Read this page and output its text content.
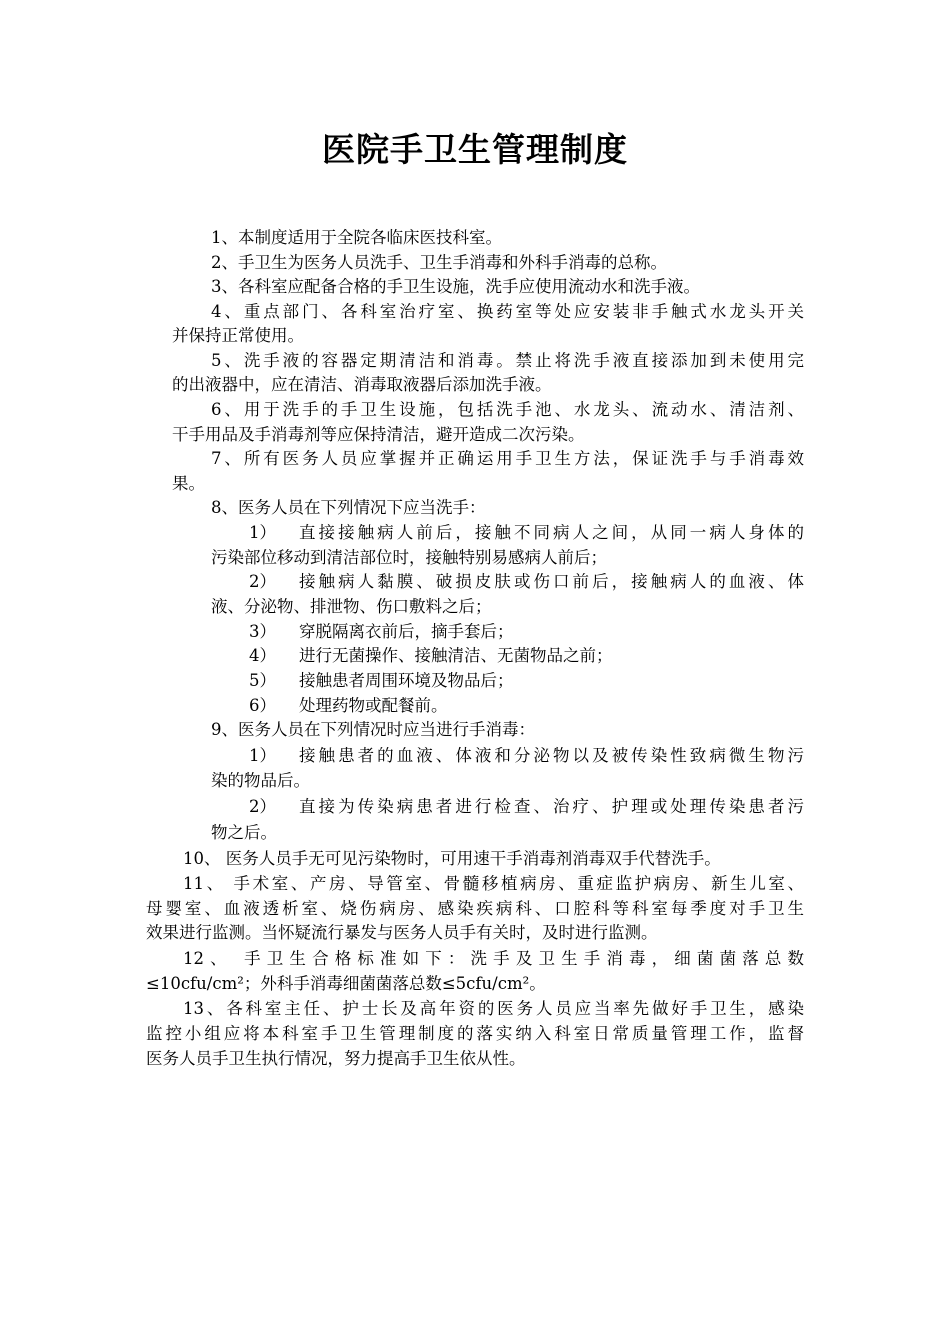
医院手卫生管理制度
1、本制度适用于全院各临床医技科室。
2、手卫生为医务人员洗手、卫生手消毒和外科手消毒的总称。
3、各科室应配备合格的手卫生设施，洗手应使用流动水和洗手液。
4、重点部门、各科室治疗室、换药室等处应安装非手触式水龙头开关
并保持正常使用。
5、洗手液的容器定期清洁和消毒。禁止将洗手液直接添加到未使用完
的出液器中，应在清洁、消毒取液器后添加洗手液。
6、用于洗手的手卫生设施，包括洗手池、水龙头、流动水、清洁剂、
干手用品及手消毒剂等应保持清洁，避开造成二次污染。
7、所有医务人员应掌握并正确运用手卫生方法，保证洗手与手消毒效
果。
8、医务人员在下列情况下应当洗手：
1）	直接接触病人前后，接触不同病人之间，从同一病人身体的
污染部位移动到清洁部位时，接触特别易感病人前后；
2）	接触病人黏膜、破损皮肤或伤口前后，接触病人的血液、体
液、分泌物、排泄物、伤口敷料之后；
3） 穿脱隔离衣前后，摘手套后；
4） 进行无菌操作、接触清洁、无菌物品之前；
5） 接触患者周围环境及物品后；
6） 处理药物或配餐前。
9、医务人员在下列情况时应当进行手消毒：
1）	接触患者的血液、体液和分泌物以及被传染性致病微生物污
染的物品后。
2）	直接为传染病患者进行检查、治疗、护理或处理传染患者污
物之后。
10、 医务人员手无可见污染物时，可用速干手消毒剂消毒双手代替洗手。
11、 手术室、产房、导管室、骨髓移植病房、重症监护病房、新生儿室、
母婴室、血液透析室、烧伤病房、感染疾病科、口腔科等科室每季度对手卫生
效果进行监测。当怀疑流行暴发与医务人员手有关时，及时进行监测。
12、 手卫生合格标准如下：洗手及卫生手消毒，细菌菌落总数
≤10cfu/cm²；外科手消毒细菌菌落总数≤5cfu/cm²。
13、各科室主任、护士长及高年资的医务人员应当率先做好手卫生，感染
监控小组应将本科室手卫生管理制度的落实纳入科室日常质量管理工作，监督
医务人员手卫生执行情况，努力提高手卫生依从性。
